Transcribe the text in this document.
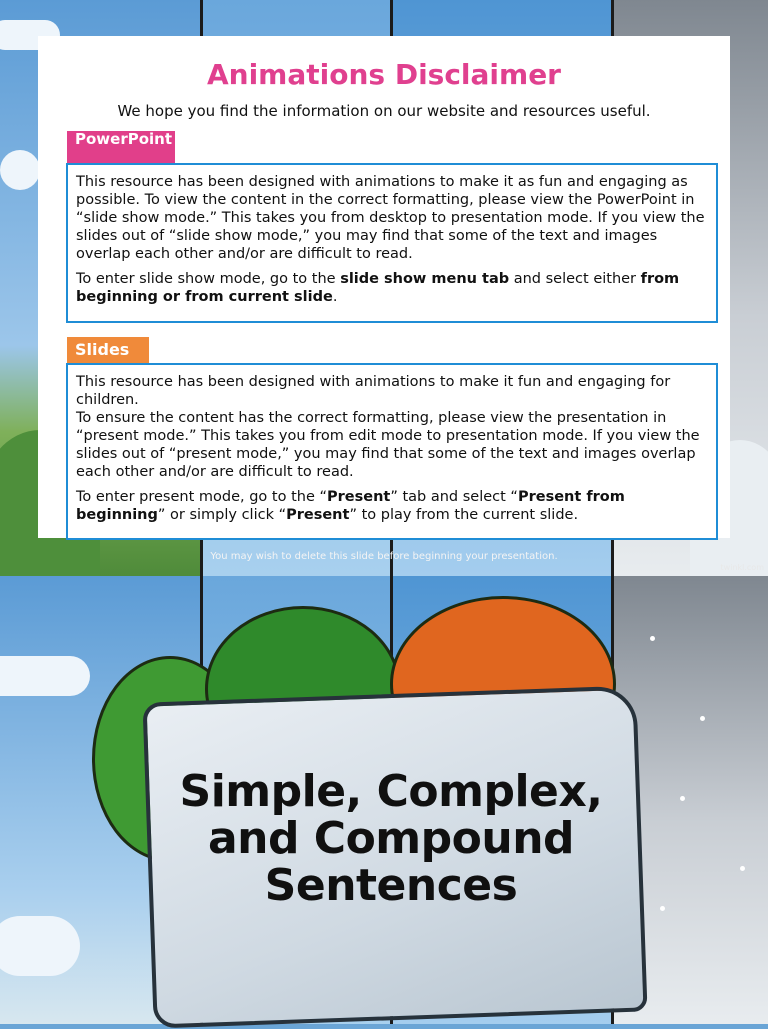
Animations Disclaimer
We hope you find the information on our website and resources useful.
PowerPoint

This resource has been designed with animations to make it as fun and engaging as possible. To view the content in the correct formatting, please view the PowerPoint in “slide show mode.” This takes you from desktop to presentation mode. If you view the slides out of “slide show mode,” you may find that some of the text and images overlap each other and/or are difficult to read.

To enter slide show mode, go to the slide show menu tab and select either from beginning or from current slide.

Slides

This resource has been designed with animations to make it fun and engaging for children.
To ensure the content has the correct formatting, please view the presentation in “present mode.” This takes you from edit mode to presentation mode. If you view the slides out of “present mode,” you may find that some of the text and images overlap each other and/or are difficult to read.

To enter present mode, go to the “Present” tab and select “Present from beginning” or simply click “Present” to play from the current slide.

You may wish to delete this slide before beginning your presentation.
twinkl.com
Simple, Complex,
and Compound
Sentences
